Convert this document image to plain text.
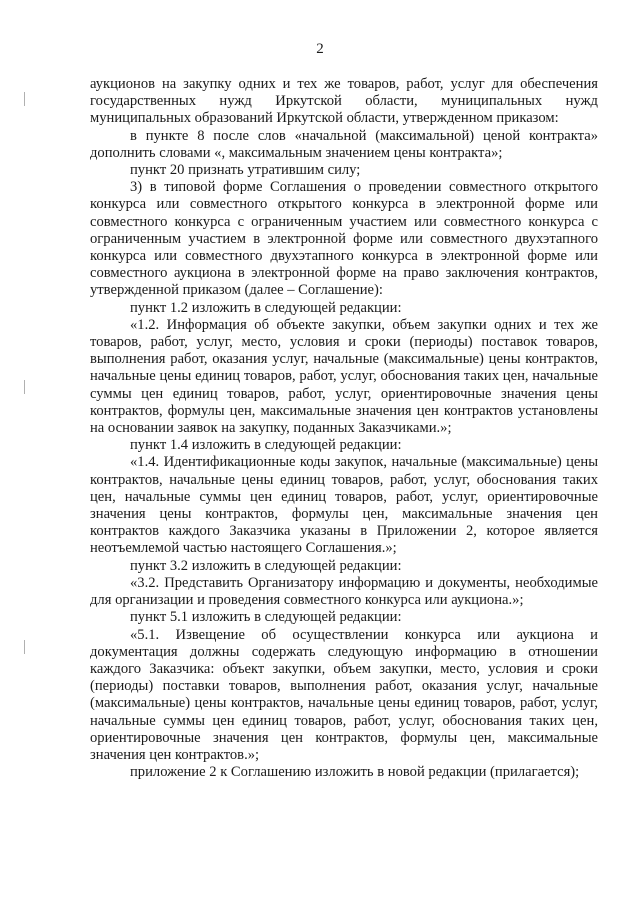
2

аукционов на закупку одних и тех же товаров, работ, услуг для обеспечения государственных нужд Иркутской области, муниципальных нужд муниципальных образований Иркутской области, утвержденном приказом:

в пункте 8 после слов «начальной (максимальной) ценой контракта» дополнить словами «, максимальным значением цены контракта»;

пункт 20 признать утратившим силу;

3) в типовой форме Соглашения о проведении совместного открытого конкурса или совместного открытого конкурса в электронной форме или совместного конкурса с ограниченным участием или совместного конкурса с ограниченным участием в электронной форме или совместного двухэтапного конкурса или совместного двухэтапного конкурса в электронной форме или совместного аукциона в электронной форме на право заключения контрактов, утвержденной приказом (далее – Соглашение):

пункт 1.2 изложить в следующей редакции:

«1.2. Информация об объекте закупки, объем закупки одних и тех же товаров, работ, услуг, место, условия и сроки (периоды) поставок товаров, выполнения работ, оказания услуг, начальные (максимальные) цены контрактов, начальные цены единиц товаров, работ, услуг, обоснования таких цен, начальные суммы цен единиц товаров, работ, услуг, ориентировочные значения цены контрактов, формулы цен, максимальные значения цен контрактов установлены на основании заявок на закупку, поданных Заказчиками.»;

пункт 1.4 изложить в следующей редакции:

«1.4. Идентификационные коды закупок, начальные (максимальные) цены контрактов, начальные цены единиц товаров, работ, услуг, обоснования таких цен, начальные суммы цен единиц товаров, работ, услуг, ориентировочные значения цены контрактов, формулы цен, максимальные значения цен контрактов каждого Заказчика указаны в Приложении 2, которое является неотъемлемой частью настоящего Соглашения.»;

пункт 3.2 изложить в следующей редакции:

«3.2. Представить Организатору информацию и документы, необходимые для организации и проведения совместного конкурса или аукциона.»;

пункт 5.1 изложить в следующей редакции:

«5.1. Извещение об осуществлении конкурса или аукциона и документация должны содержать следующую информацию в отношении каждого Заказчика: объект закупки, объем закупки, место, условия и сроки (периоды) поставки товаров, выполнения работ, оказания услуг, начальные (максимальные) цены контрактов, начальные цены единиц товаров, работ, услуг, начальные суммы цен единиц товаров, работ, услуг, обоснования таких цен, ориентировочные значения цен контрактов, формулы цен, максимальные значения цен контрактов.»;

приложение 2 к Соглашению изложить в новой редакции (прилагается);
